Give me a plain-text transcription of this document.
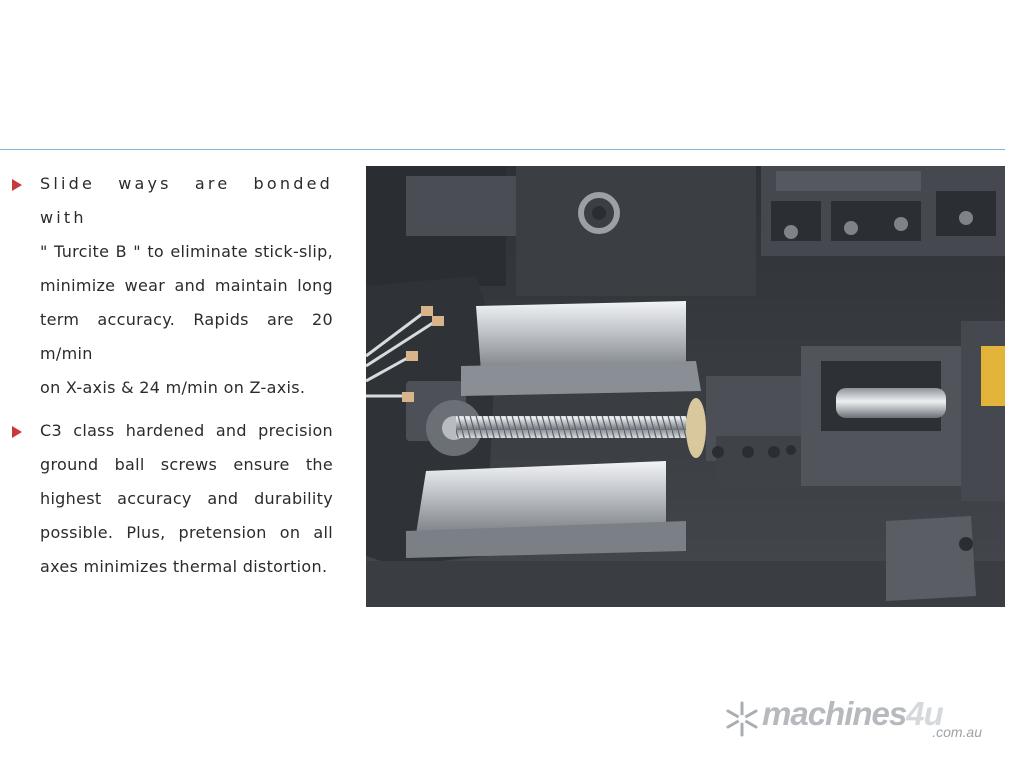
Slide ways are bonded with
" Turcite B " to eliminate stick-slip,
minimize wear and maintain long
term accuracy. Rapids are 20 m/min
on X-axis & 24 m/min on Z-axis.
C3 class hardened and precision
ground ball screws ensure the
highest accuracy and durability
possible. Plus, pretension on all
axes minimizes thermal distortion.
machines4u
.com.au
